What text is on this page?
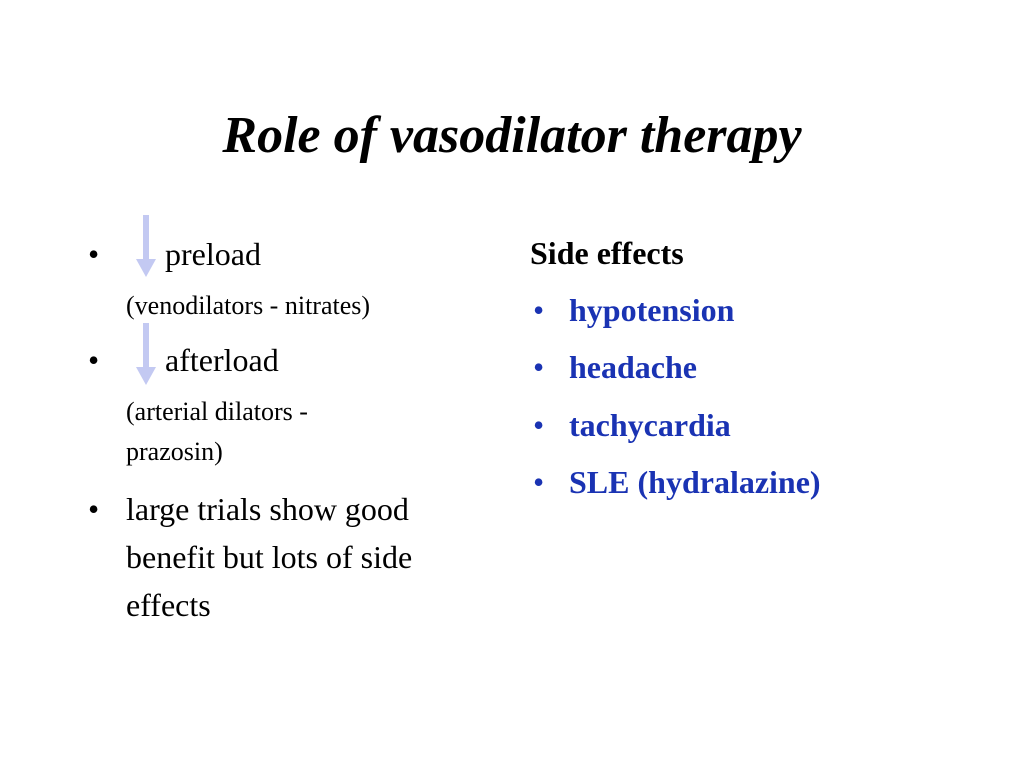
Role of vasodilator therapy
• preload
(venodilators - nitrates)
• afterload
(arterial dilators -
prazosin)
• large trials show good
benefit but lots of side
effects
Side effects
• hypotension
• headache
• tachycardia
• SLE (hydralazine)
